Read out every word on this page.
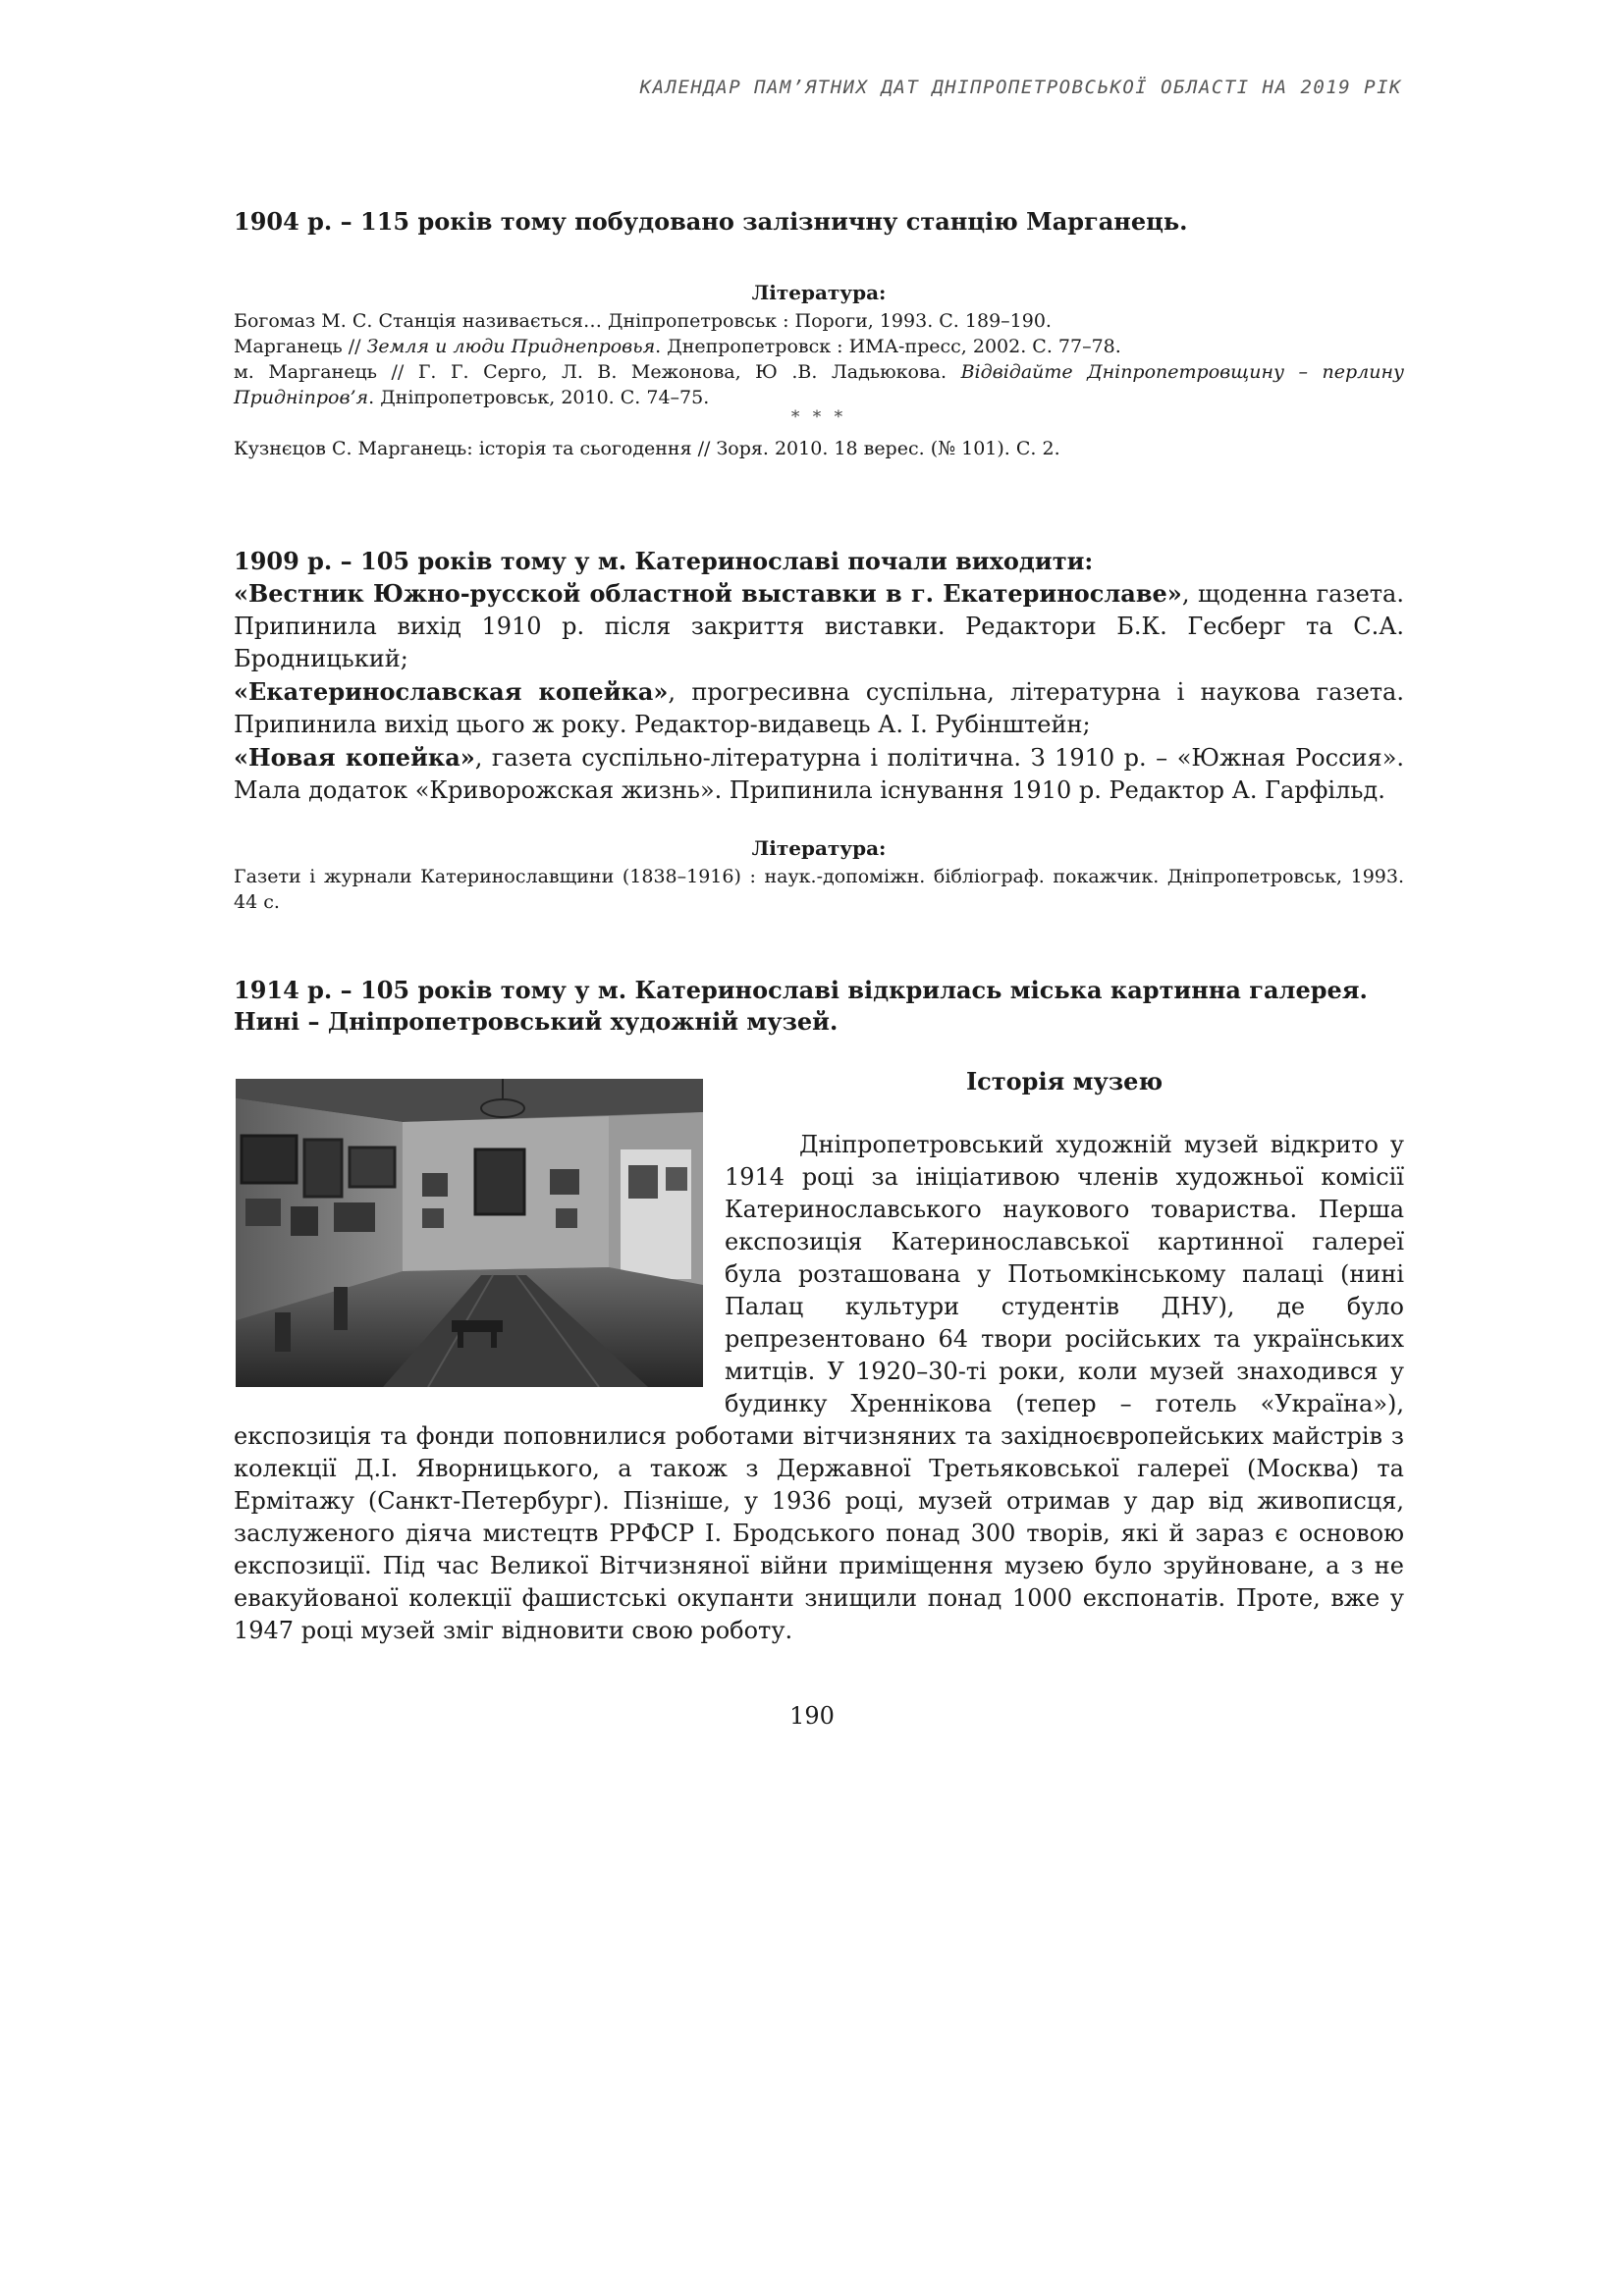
КАЛЕНДАР ПАМ’ЯТНИХ ДАТ ДНІПРОПЕТРОВСЬКОЇ ОБЛАСТІ НА 2019 РІК

1904 р. – 115 років тому побудовано залізничну станцію Марганець.

Література:

Богомаз М. С. Станція називається… Дніпропетровськ : Пороги, 1993. С. 189–190.

Марганець // Земля и люди Приднепровья. Днепропетровск : ИМА-пресс, 2002. С. 77–78.

м. Марганець // Г. Г. Серго, Л. В. Межонова, Ю .В. Ладьюкова. Відвідайте Дніпропетровщину – перлину Придніпров’я. Дніпропетровськ, 2010. С. 74–75.

* * *

Кузнєцов С. Марганець: історія та сьогодення // Зоря. 2010. 18 верес. (№ 101). С. 2.

1909 р. – 105 років тому у м. Катеринославі почали виходити:

«Вестник Южно-русской областной выставки в г. Екатеринославе», щоденна газета. Припинила вихід 1910 р. після закриття виставки. Редактори Б.К. Гесберг та С.А. Бродницький;

«Екатеринославская копейка», прогресивна суспільна, літературна і наукова газета. Припинила вихід цього ж року. Редактор-видавець А. І. Рубінштейн;

«Новая копейка», газета суспільно-літературна і політична. З 1910 р. – «Южная Россия». Мала додаток «Криворожская жизнь». Припинила існування 1910 р. Редактор А. Гарфільд.

Література:

Газети і журнали Катеринославщини (1838–1916) : наук.-допоміжн. бібліограф. покажчик. Дніпропетровськ, 1993. 44 с.

1914 р. – 105 років тому у м. Катеринославі відкрилась міська картинна галерея. Нині – Дніпропетровський художній музей.

Історія музею

Дніпропетровський художній музей відкрито у 1914 році за ініціативою членів художньої комісії Катеринославського наукового товариства. Перша експозиція Катеринославської картинної галереї була розташована у Потьомкінському палаці (нині Палац культури студентів ДНУ), де було репрезентовано 64 твори російських та українських митців. У 1920–30-ті роки, коли музей знаходився у будинку Хреннікова (тепер – готель «Україна»), експозиція та фонди поповнилися роботами вітчизняних та західноєвропейських майстрів з колекції Д.І. Яворницького, а також з Державної Третьяковської галереї (Москва) та Ермітажу (Санкт-Петербург). Пізніше, у 1936 році, музей отримав у дар від живописця, заслуженого діяча мистецтв РРФСР І. Бродського понад 300 творів, які й зараз є основою експозиції. Під час Великої Вітчизняної війни приміщення музею було зруйноване, а з не евакуйованої колекції фашистські окупанти знищили понад 1000 експонатів. Проте, вже у 1947 році музей зміг відновити свою роботу.

190
